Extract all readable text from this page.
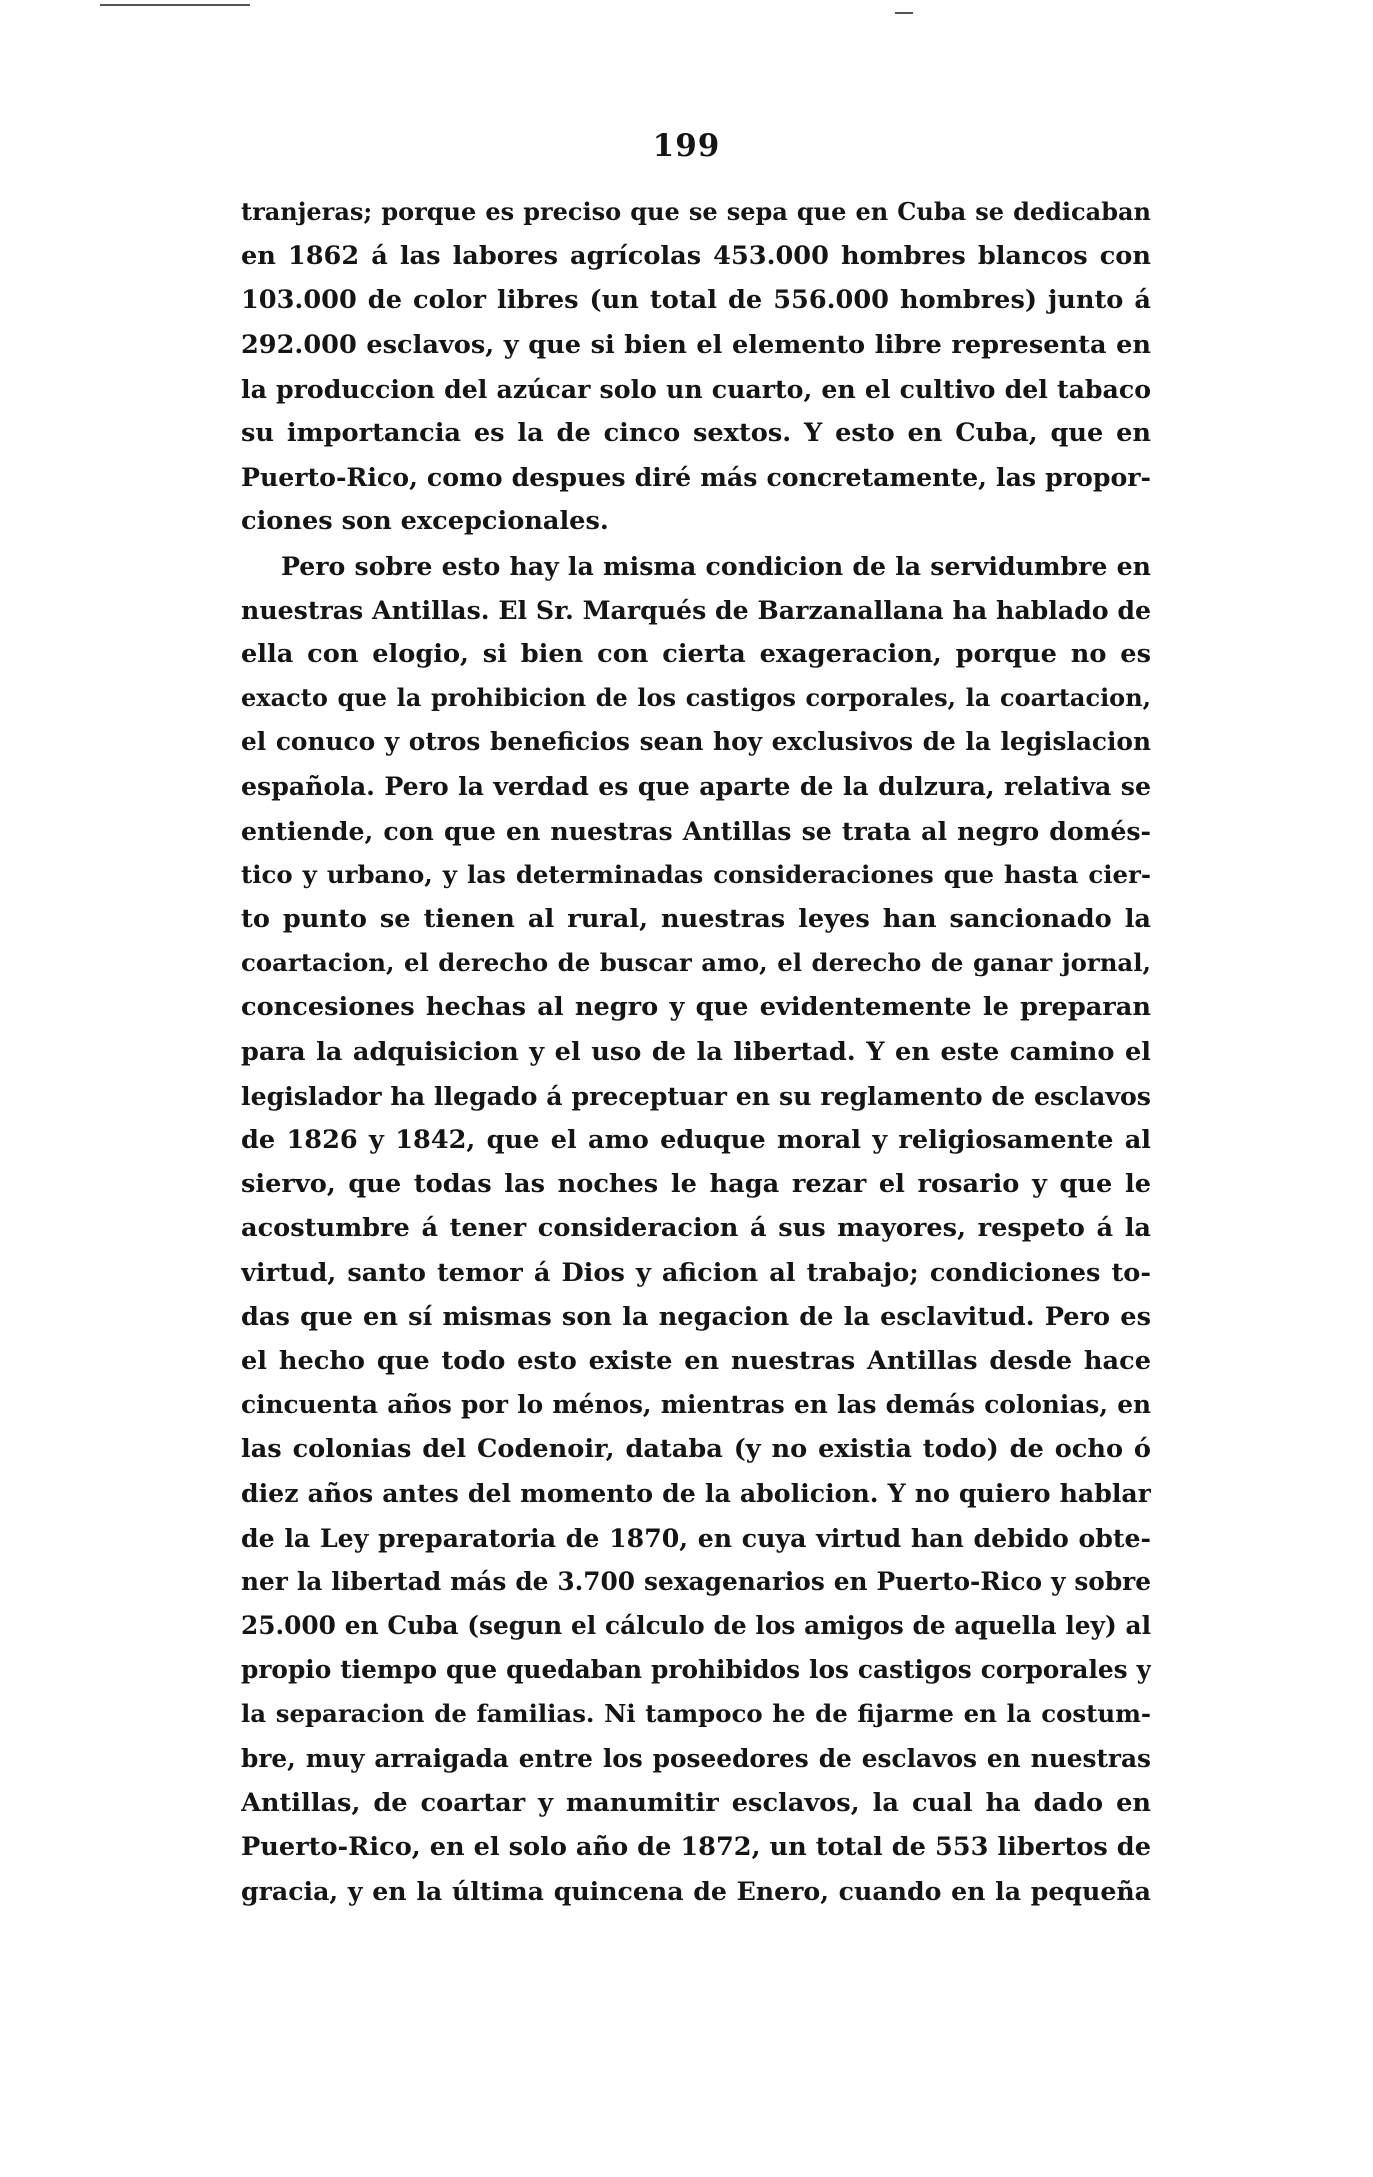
199
tranjeras; porque es preciso que se sepa que en Cuba se dedicaban
en 1862 á las labores agrícolas 453.000 hombres blancos con
103.000 de color libres (un total de 556.000 hombres) junto á
292.000 esclavos, y que si bien el elemento libre representa en
la produccion del azúcar solo un cuarto, en el cultivo del tabaco
su importancia es la de cinco sextos. Y esto en Cuba, que en
Puerto-Rico, como despues diré más concretamente, las propor-
ciones son excepcionales.
Pero sobre esto hay la misma condicion de la servidumbre en
nuestras Antillas. El Sr. Marqués de Barzanallana ha hablado de
ella con elogio, si bien con cierta exageracion, porque no es
exacto que la prohibicion de los castigos corporales, la coartacion,
el conuco y otros beneficios sean hoy exclusivos de la legislacion
española. Pero la verdad es que aparte de la dulzura, relativa se
entiende, con que en nuestras Antillas se trata al negro domés-
tico y urbano, y las determinadas consideraciones que hasta cier-
to punto se tienen al rural, nuestras leyes han sancionado la
coartacion, el derecho de buscar amo, el derecho de ganar jornal,
concesiones hechas al negro y que evidentemente le preparan
para la adquisicion y el uso de la libertad. Y en este camino el
legislador ha llegado á preceptuar en su reglamento de esclavos
de 1826 y 1842, que el amo eduque moral y religiosamente al
siervo, que todas las noches le haga rezar el rosario y que le
acostumbre á tener consideracion á sus mayores, respeto á la
virtud, santo temor á Dios y aficion al trabajo; condiciones to-
das que en sí mismas son la negacion de la esclavitud. Pero es
el hecho que todo esto existe en nuestras Antillas desde hace
cincuenta años por lo ménos, mientras en las demás colonias, en
las colonias del Codenoir, databa (y no existia todo) de ocho ó
diez años antes del momento de la abolicion. Y no quiero hablar
de la Ley preparatoria de 1870, en cuya virtud han debido obte-
ner la libertad más de 3.700 sexagenarios en Puerto-Rico y sobre
25.000 en Cuba (segun el cálculo de los amigos de aquella ley) al
propio tiempo que quedaban prohibidos los castigos corporales y
la separacion de familias. Ni tampoco he de fijarme en la costum-
bre, muy arraigada entre los poseedores de esclavos en nuestras
Antillas, de coartar y manumitir esclavos, la cual ha dado en
Puerto-Rico, en el solo año de 1872, un total de 553 libertos de
gracia, y en la última quincena de Enero, cuando en la pequeña
